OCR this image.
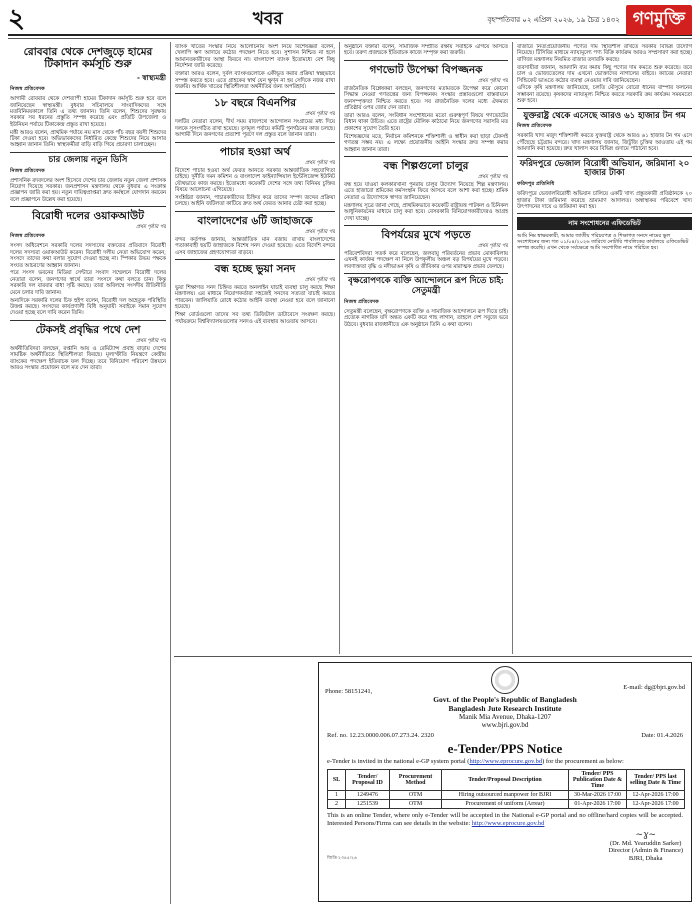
২	খবর	বৃহস্পতিবার ০২ এপ্রিল ২০২৬, ১৯ চৈত্র ১৪৩২ গণমুক্তি
রোববার থেকে দেশজুড়ে হামের টিকাদান কর্মসূচি শুরু
- স্বাস্থ্যমন্ত্রী
নিজস্ব প্রতিবেদক

আগামী রোববার থেকে দেশব্যাপী হামের টিকাদান কর্মসূচি শুরু হবে বলে জানিয়েছেন স্বাস্থ্যমন্ত্রী। বুধবার সচিবালয়ে সাংবাদিকদের সঙ্গে মতবিনিময়কালে তিনি এ তথ্য জানান। তিনি বলেন, শিশুদের সুরক্ষায় সরকার সব ধরনের প্রস্তুতি সম্পন্ন করেছে এবং প্রতিটি উপজেলা ও ইউনিয়ন পর্যায়ে টিকাকেন্দ্র প্রস্তুত রাখা হয়েছে।

মন্ত্রী আরও বলেন, প্রাথমিক পর্যায়ে নয় মাস থেকে পাঁচ বছর বয়সী শিশুদের টিকা দেওয়া হবে। অভিভাবকদের নির্ধারিত কেন্দ্রে শিশুদের নিয়ে আসার আহ্বান জানান তিনি। স্বাস্থ্যকর্মীরা বাড়ি বাড়ি গিয়ে প্রচারণা চালাচ্ছেন।

চার জেলায় নতুন ডিসি
নিজস্ব প্রতিবেদক

প্রশাসনিক রদবদলের অংশ হিসেবে দেশের চার জেলায় নতুন জেলা প্রশাসক নিয়োগ দিয়েছে সরকার। জনপ্রশাসন মন্ত্রণালয় থেকে বুধবার এ সংক্রান্ত প্রজ্ঞাপন জারি করা হয়। নতুন দায়িত্বপ্রাপ্তরা দ্রুত কর্মস্থলে যোগদান করবেন বলে প্রজ্ঞাপনে উল্লেখ করা হয়েছে।

বিরোধী দলের ওয়াকআউট
প্রথম পৃষ্ঠার পর
নিজস্ব প্রতিবেদক

সংসদ অধিবেশনে সরকারি দলের সদস্যদের বক্তব্যের প্রতিবাদে বিরোধী দলের সদস্যরা ওয়াকআউট করেন। বিরোধী দলীয় নেতা অভিযোগ করেন, সংসদে তাদের কথা বলার সুযোগ দেওয়া হচ্ছে না। স্পিকার উভয় পক্ষকে সংযত আচরণের আহ্বান জানান।

পরে সংসদ ভবনের মিডিয়া সেন্টারে সংবাদ সম্মেলনে বিরোধী দলের নেতারা বলেন, জনগণের স্বার্থে তারা সংসদে কথা বলতে চান। কিন্তু সরকারি দল বারবার বাধা সৃষ্টি করছে। তারা অবিলম্বে সংসদীয় রীতিনীতি মেনে চলার দাবি জানান।

অন্যদিকে সরকারি দলের চিফ হুইপ বলেন, বিরোধী দল অহেতুক পরিস্থিতি উত্তপ্ত করছে। সংসদের কার্যপ্রণালী বিধি অনুযায়ী সবাইকে সমান সুযোগ দেওয়া হচ্ছে বলে দাবি করেন তিনি।

টেকসই প্রবৃদ্ধির পথে দেশ
প্রথম পৃষ্ঠার পর

অর্থনীতিবিদরা বলছেন, রপ্তানি আয় ও রেমিট্যান্স প্রবাহ বাড়ায় দেশের সামষ্টিক অর্থনীতিতে স্থিতিশীলতা ফিরছে। মূল্যস্ফীতি নিয়ন্ত্রণে কেন্দ্রীয় ব্যাংকের পদক্ষেপ ইতিবাচক ফল দিচ্ছে। তবে বিনিয়োগ পরিবেশ উন্নয়নে আরও সংস্কার প্রয়োজন বলে মত দেন তারা।

ব্যাংক খাতের সংস্কার নিয়ে আলোচনায় অংশ নিয়ে বিশেষজ্ঞরা বলেন, খেলাপি ঋণ আদায়ে কঠোর পদক্ষেপ নিতে হবে। সুশাসন নিশ্চিত না হলে আমানতকারীদের আস্থা ফিরবে না। বাংলাদেশ ব্যাংক ইতোমধ্যে বেশ কিছু নির্দেশনা জারি করেছে।

বক্তারা আরও বলেন, দুর্বল ব্যাংকগুলোকে একীভূত করার প্রক্রিয়া স্বচ্ছভাবে সম্পন্ন করতে হবে। এতে গ্রাহকের স্বার্থ যেন ক্ষুণ্ন না হয় সেদিকে নজর রাখা জরুরি। আর্থিক খাতের স্থিতিশীলতা অর্থনীতির জন্য অপরিহার্য।

১৮ বছরে বিএনপির
প্রথম পৃষ্ঠার পর

দলটির নেতারা বলেন, দীর্ঘ সময় রাজপথে আন্দোলন সংগ্রামের মধ্য দিয়ে দলকে সুসংগঠিত রাখা হয়েছে। তৃণমূল পর্যায়ে কমিটি পুনর্গঠনের কাজ চলছে। আগামী দিনে জনগণের প্রত্যাশা পূরণে দল প্রস্তুত বলে জানান তারা।

পাচার হওয়া অর্থ
প্রথম পৃষ্ঠার পর

বিদেশে পাচার হওয়া অর্থ ফেরত আনতে সরকার আন্তর্জাতিক সহযোগিতা চাইছে। দুর্নীতি দমন কমিশন ও বাংলাদেশ ফাইন্যান্সিয়াল ইন্টেলিজেন্স ইউনিট যৌথভাবে কাজ করছে। ইতোমধ্যে কয়েকটি দেশের সঙ্গে তথ্য বিনিময় চুক্তির বিষয়ে আলোচনা এগিয়েছে।

সংশ্লিষ্টরা জানান, পাচারকারীদের চিহ্নিত করে তাদের সম্পদ জব্দের প্রক্রিয়া চলছে। আইনি জটিলতা কাটিয়ে দ্রুত অর্থ ফেরত আনার চেষ্টা করা হচ্ছে।

বাংলাদেশের ৬টি জাহাজকে
প্রথম পৃষ্ঠার পর

বন্দর কর্তৃপক্ষ জানায়, আন্তর্জাতিক মান বজায় রাখায় বাংলাদেশের পতাকাবাহী ছয়টি জাহাজকে বিশেষ সনদ দেওয়া হয়েছে। এতে বিদেশি বন্দরে এসব জাহাজের গ্রহণযোগ্যতা বাড়বে।

বন্ধ হচ্ছে ভুয়া সনদ
প্রথম পৃষ্ঠার পর

ভুয়া শিক্ষাগত সনদ চিহ্নিত করতে অনলাইন যাচাই ব্যবস্থা চালু করছে শিক্ষা মন্ত্রণালয়। এর মাধ্যমে নিয়োগকর্তারা সহজেই সনদের সত্যতা যাচাই করতে পারবেন। জালিয়াতি রোধে কঠোর আইনি ব্যবস্থা নেওয়া হবে বলে জানানো হয়েছে।

শিক্ষা বোর্ডগুলো তাদের সব তথ্য ডিজিটাল ডাটাবেসে সংরক্ষণ করছে। পর্যায়ক্রমে বিশ্ববিদ্যালয়গুলোর সনদও এই ব্যবস্থার আওতায় আসবে।

অনুষ্ঠানে বক্তারা বলেন, সামাজিক সম্প্রীতি রক্ষায় সবাইকে এগিয়ে আসতে হবে। তরুণ প্রজন্মকে ইতিবাচক কাজে সম্পৃক্ত করা জরুরি।

গণভোট উপেক্ষা বিপজ্জনক
প্রথম পৃষ্ঠার পর

রাজনৈতিক বিশ্লেষকরা বলছেন, জনগণের মতামতকে উপেক্ষা করে কোনো সিদ্ধান্ত নেওয়া গণতন্ত্রের জন্য বিপজ্জনক। সংস্কার প্রস্তাবগুলো বাস্তবায়নে জনসম্পৃক্ততা নিশ্চিত করতে হবে। সব রাজনৈতিক দলের মধ্যে ঐকমত্য প্রতিষ্ঠার ওপর জোর দেন তারা।

তারা আরও বলেন, সংবিধান সংশোধনের মতো গুরুত্বপূর্ণ বিষয়ে গণভোটের বিধান থাকা উচিত। এতে রাষ্ট্রের মৌলিক কাঠামো নিয়ে জনগণের সরাসরি মত প্রকাশের সুযোগ তৈরি হবে।

বিশেষজ্ঞদের মতে, নির্বাচন কমিশনকে শক্তিশালী ও স্বাধীন করা ছাড়া টেকসই গণতন্ত্র সম্ভব নয়। এ লক্ষ্যে প্রয়োজনীয় আইনি সংস্কার দ্রুত সম্পন্ন করার আহ্বান জানান তারা।

বন্ধ শিল্পগুলো চালুর
প্রথম পৃষ্ঠার পর

বন্ধ হয়ে যাওয়া কলকারখানা পুনরায় চালুর উদ্যোগ নিয়েছে শিল্প মন্ত্রণালয়। এতে হাজারো শ্রমিকের কর্মসংস্থান ফিরে আসবে বলে আশা করা হচ্ছে। শ্রমিক নেতারা এ উদ্যোগকে স্বাগত জানিয়েছেন।

মন্ত্রণালয় সূত্রে জানা গেছে, প্রাথমিকভাবে কয়েকটি রাষ্ট্রায়ত্ত পাটকল ও চিনিকল আধুনিকায়নের মাধ্যমে চালু করা হবে। বেসরকারি বিনিয়োগকারীদেরও আগ্রহ দেখা যাচ্ছে।

বিপর্যয়ের মুখে পড়তে
প্রথম পৃষ্ঠার পর

পরিবেশবিদরা সতর্ক করে বলেছেন, জলবায়ু পরিবর্তনের প্রভাব মোকাবিলায় এখনই কার্যকর পদক্ষেপ না নিলে উপকূলীয় অঞ্চল বড় বিপর্যয়ের মুখে পড়বে। লবণাক্ততা বৃদ্ধি ও নদীভাঙন কৃষি ও জীবিকার ওপর মারাত্মক প্রভাব ফেলছে।

বৃক্ষরোপণকে ব্যক্তি আন্দোলনে রূপ দিতে চাই: সেতুমন্ত্রী
নিজস্ব প্রতিবেদক

সেতুমন্ত্রী বলেছেন, বৃক্ষরোপণকে ব্যক্তি ও সামাজিক আন্দোলনে রূপ দিতে চাই। প্রত্যেক নাগরিক যদি অন্তত একটি করে গাছ লাগান, তাহলে দেশ সবুজে ভরে উঠবে। বুধবার রাজধানীতে এক অনুষ্ঠানে তিনি এ কথা বলেন।

বাজারে নিত্যপ্রয়োজনীয় পণ্যের দাম স্থিতিশীল রাখতে সরকার বিভিন্ন উদ্যোগ নিয়েছে। টিসিবির মাধ্যমে ন্যায্যমূল্যে পণ্য বিক্রি কার্যক্রম আরও সম্প্রসারণ করা হচ্ছে। বাণিজ্য মন্ত্রণালয় নিয়মিত বাজার তদারকি করছে।

ব্যবসায়ীরা জানান, আমদানি ব্যয় কমায় কিছু পণ্যের দাম কমতে শুরু করেছে। তবে চাল ও ভোজ্যতেলের দাম এখনো ভোক্তাদের নাগালের বাইরে। ক্যাবের নেতারা সিন্ডিকেট ভাঙতে কঠোর ব্যবস্থা নেওয়ার দাবি জানিয়েছেন।

এদিকে কৃষি মন্ত্রণালয় জানিয়েছে, চলতি মৌসুমে বোরো ধানের বাম্পার ফলনের সম্ভাবনা রয়েছে। কৃষকদের ন্যায্যমূল্য নিশ্চিত করতে সরকারি ক্রয় কার্যক্রম সময়মতো শুরু হবে।

যুক্তরাষ্ট্র থেকে এসেছে আরও ৬১ হাজার টন গম
নিজস্ব প্রতিবেদক

সরকারি খাদ্য মজুদ শক্তিশালী করতে যুক্তরাষ্ট্র থেকে আরও ৬১ হাজার টন গম এসে পৌঁছেছে চট্টগ্রাম বন্দরে। খাদ্য মন্ত্রণালয় জানায়, জিটুজি চুক্তির আওতায় এই গম আমদানি করা হয়েছে। দ্রুত খালাস করে বিভিন্ন গুদামে পাঠানো হবে।

ফরিদপুরে ভেজাল বিরোধী অভিযান, জরিমানা ২০ হাজার টাকা
ফরিদপুর প্রতিনিধি

ফরিদপুরে ভেজালবিরোধী অভিযান চালিয়ে একটি খাদ্য প্রস্তুতকারী প্রতিষ্ঠানকে ২০ হাজার টাকা জরিমানা করেছে ভ্রাম্যমাণ আদালত। অস্বাস্থ্যকর পরিবেশে খাদ্য উৎপাদনের দায়ে এ জরিমানা করা হয়।

নাম সংশোধনের এফিডেভিট

আমি নিম্ন স্বাক্ষরকারী, আমার জাতীয় পরিচয়পত্র ও শিক্ষাগত সনদে নামের ভুল সংশোধনের জন্য গত ০১/০৪/২০২৬ তারিখে নোটারি পাবলিকের কার্যালয়ে এফিডেভিট সম্পন্ন করেছি। এখন থেকে সর্বক্ষেত্রে আমি সংশোধিত নামে পরিচিত হব।

Phone: 58151241,
Govt. of the People's Republic of Bangladesh
Bangladesh Jute Research Institute
Manik Mia Avenue, Dhaka-1207
www.bjri.gov.bd
E-mail: dg@bjri.gov.bd
Ref. no. 12.23.0000.006.07.273.24. 2320	Date: 01.4.2026
e-Tender/PPS Notice
e-Tender is invited in the national e-GP system portal (http://www.eprocure.gov.bd) for the procurement as below:
SL	Tender/ Proposal ID	Procurement Method	Tender/Proposal Description	Tender/ PPS Publication Date & Time	Tender/ PPS last selling Date & Time
1	1249476	OTM	Hiring outsourced manpower for BJRI	30-Mar-2026 17:00	12-Apr-2026 17:00
2	1251539	OTM	Procurement of uniform (Arrear)	01-Apr-2026 17:00	12-Apr-2026 17:00
This is an online Tender, where only e-Tender will be accepted in the National e-GP portal and no offline/hard copies will be accepted. Interested Persons/Firms can see details in the website: http://www.eprocure.gov.bd
জিডি ২৩৪৫/২৬
~ɣ~
(Dr. Md. Yearuddin Sarker)
Director (Admin & Finance)
BJRI, Dhaka
